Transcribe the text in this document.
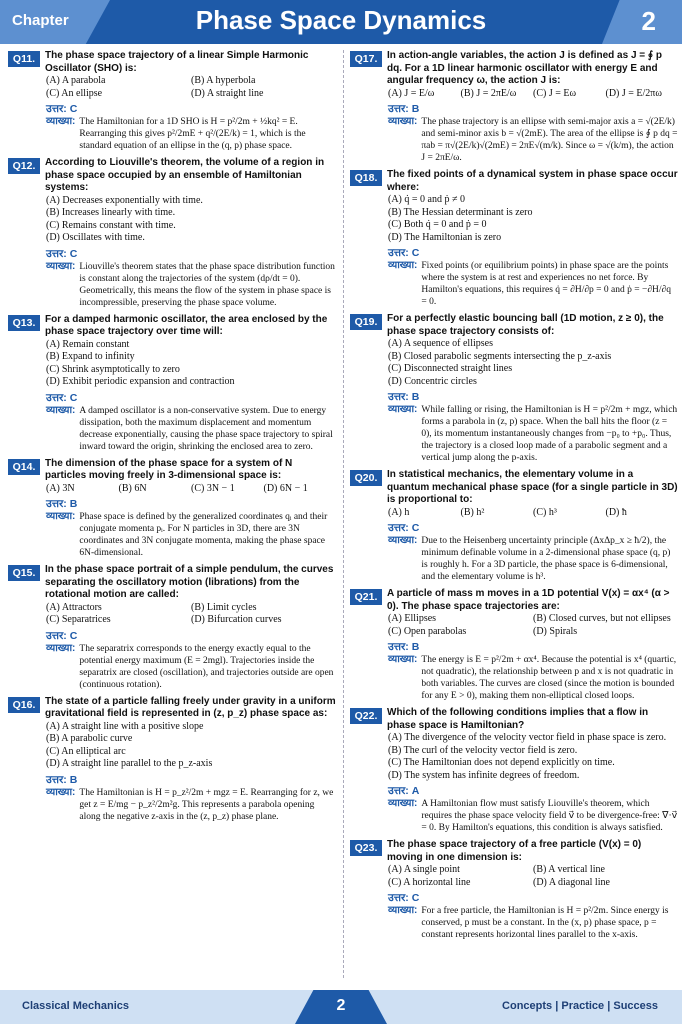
Chapter	Phase Space Dynamics	2
Q11. The phase space trajectory of a linear Simple Harmonic Oscillator (SHO) is:
(A) A parabola	(B) A hyperbola
(C) An ellipse	(D) A straight line
उत्तर: C
व्याख्या: The Hamiltonian for a 1D SHO is H = p²/2m + ½kq² = E. Rearranging this gives p²/2mE + q²/(2E/k) = 1, which is the standard equation of an ellipse in the (q, p) phase space.
Q12. According to Liouville's theorem, the volume of a region in phase space occupied by an ensemble of Hamiltonian systems:
(A) Decreases exponentially with time.
(B) Increases linearly with time.
(C) Remains constant with time.
(D) Oscillates with time.
उत्तर: C
व्याख्या: Liouville's theorem states that the phase space distribution function is constant along the trajectories of the system (dρ/dt = 0). Geometrically, this means the flow of the system in phase space is incompressible, preserving the phase space volume.
Q13. For a damped harmonic oscillator, the area enclosed by the phase space trajectory over time will:
(A) Remain constant
(B) Expand to infinity
(C) Shrink asymptotically to zero
(D) Exhibit periodic expansion and contraction
उत्तर: C
व्याख्या: A damped oscillator is a non-conservative system. Due to energy dissipation, both the maximum displacement and momentum decrease exponentially, causing the phase space trajectory to spiral inward toward the origin, shrinking the enclosed area to zero.
Q14. The dimension of the phase space for a system of N particles moving freely in 3-dimensional space is:
(A) 3N	(B) 6N	(C) 3N − 1	(D) 6N − 1
उत्तर: B
व्याख्या: Phase space is defined by the generalized coordinates qᵢ and their conjugate momenta pᵢ. For N particles in 3D, there are 3N coordinates and 3N conjugate momenta, making the phase space 6N-dimensional.
Q15. In the phase space portrait of a simple pendulum, the curves separating the oscillatory motion (librations) from the rotational motion are called:
(A) Attractors	(B) Limit cycles
(C) Separatrices	(D) Bifurcation curves
उत्तर: C
व्याख्या: The separatrix corresponds to the energy exactly equal to the potential energy maximum (E = 2mgl). Trajectories inside the separatrix are closed (oscillation), and trajectories outside are open (continuous rotation).
Q16. The state of a particle falling freely under gravity in a uniform gravitational field is represented in (z, p_z) phase space as:
(A) A straight line with a positive slope
(B) A parabolic curve
(C) An elliptical arc
(D) A straight line parallel to the p_z-axis
उत्तर: B
व्याख्या: The Hamiltonian is H = p_z²/2m + mgz = E. Rearranging for z, we get z = E/mg − p_z²/2m²g. This represents a parabola opening along the negative z-axis in the (z, p_z) phase plane.
Q17. In action-angle variables, the action J is defined as J = ∮ p dq. For a 1D linear harmonic oscillator with energy E and angular frequency ω, the action J is:
(A) J = E/ω	(B) J = 2πE/ω	(C) J = Eω	(D) J = E/2πω
उत्तर: B
व्याख्या: The phase trajectory is an ellipse with semi-major axis a = √(2E/k) and semi-minor axis b = √(2mE). The area of the ellipse is ∮ p dq = πab = π√(2E/k)√(2mE) = 2πE√(m/k). Since ω = √(k/m), the action J = 2πE/ω.
Q18. The fixed points of a dynamical system in phase space occur where:
(A) q̇ = 0 and ṗ ≠ 0
(B) The Hessian determinant is zero
(C) Both q̇ = 0 and ṗ = 0
(D) The Hamiltonian is zero
उत्तर: C
व्याख्या: Fixed points (or equilibrium points) in phase space are the points where the system is at rest and experiences no net force. By Hamilton's equations, this requires q̇ = ∂H/∂p = 0 and ṗ = −∂H/∂q = 0.
Q19. For a perfectly elastic bouncing ball (1D motion, z ≥ 0), the phase space trajectory consists of:
(A) A sequence of ellipses
(B) Closed parabolic segments intersecting the p_z-axis
(C) Disconnected straight lines
(D) Concentric circles
उत्तर: B
व्याख्या: While falling or rising, the Hamiltonian is H = p²/2m + mgz, which forms a parabola in (z, p) space. When the ball hits the floor (z = 0), its momentum instantaneously changes from −p₀ to +p₀. Thus, the trajectory is a closed loop made of a parabolic segment and a vertical jump along the p-axis.
Q20. In statistical mechanics, the elementary volume in a quantum mechanical phase space (for a single particle in 3D) is proportional to:
(A) h	(B) h²	(C) h³	(D) ħ
उत्तर: C
व्याख्या: Due to the Heisenberg uncertainty principle (ΔxΔp_x ≥ ħ/2), the minimum definable volume in a 2-dimensional phase space (q, p) is roughly h. For a 3D particle, the phase space is 6-dimensional, and the elementary volume is h³.
Q21. A particle of mass m moves in a 1D potential V(x) = αx⁴ (α > 0). The phase space trajectories are:
(A) Ellipses	(B) Closed curves, but not ellipses
(C) Open parabolas	(D) Spirals
उत्तर: B
व्याख्या: The energy is E = p²/2m + αx⁴. Because the potential is x⁴ (quartic, not quadratic), the relationship between p and x is not quadratic in both variables. The curves are closed (since the motion is bounded for any E > 0), making them non-elliptical closed loops.
Q22. Which of the following conditions implies that a flow in phase space is Hamiltonian?
(A) The divergence of the velocity vector field in phase space is zero.
(B) The curl of the velocity vector field is zero.
(C) The Hamiltonian does not depend explicitly on time.
(D) The system has infinite degrees of freedom.
उत्तर: A
व्याख्या: A Hamiltonian flow must satisfy Liouville's theorem, which requires the phase space velocity field v⃗ to be divergence-free: ∇·v⃗ = 0. By Hamilton's equations, this condition is always satisfied.
Q23. The phase space trajectory of a free particle (V(x) = 0) moving in one dimension is:
(A) A single point	(B) A vertical line
(C) A horizontal line	(D) A diagonal line
उत्तर: C
व्याख्या: For a free particle, the Hamiltonian is H = p²/2m. Since energy is conserved, p must be a constant. In the (x, p) phase space, p = constant represents horizontal lines parallel to the x-axis.
Classical Mechanics	2	Concepts | Practice | Success
